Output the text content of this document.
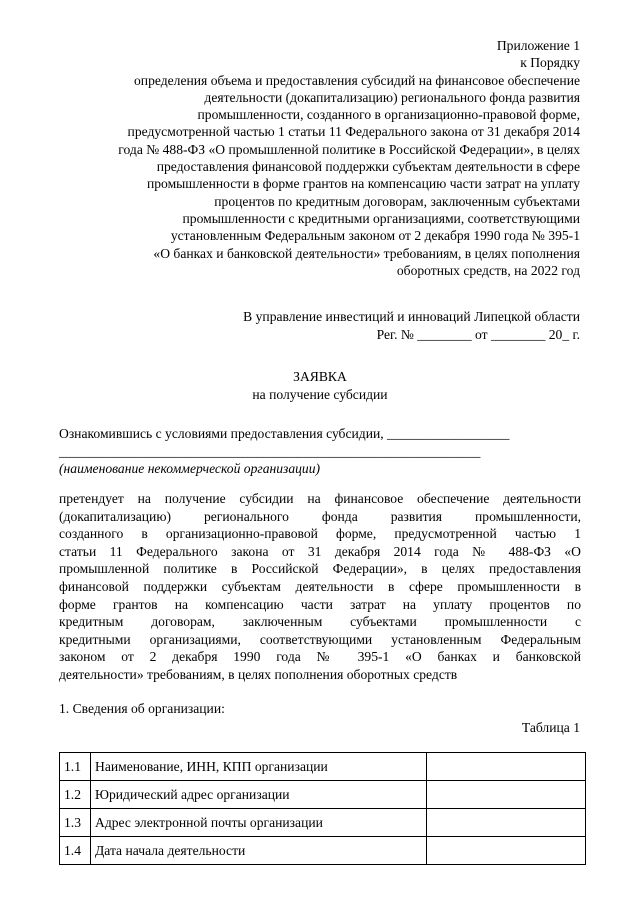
Приложение 1
к Порядку
определения объема и предоставления субсидий на финансовое обеспечение
деятельности (докапитализацию) регионального фонда развития
промышленности, созданного в организационно-правовой форме,
предусмотренной частью 1 статьи 11 Федерального закона от 31 декабря 2014
года № 488-ФЗ «О промышленной политике в Российской Федерации», в целях
предоставления финансовой поддержки субъектам деятельности в сфере
промышленности в форме грантов на компенсацию части затрат на уплату
процентов по кредитным договорам, заключенным субъектами
промышленности с кредитными организациями, соответствующими
установленным Федеральным законом от 2 декабря 1990 года № 395-1
«О банках и банковской деятельности» требованиям, в целях пополнения
оборотных средств, на 2022 год
В управление инвестиций и инноваций Липецкой области
Рег. № ________ от ________ 20_ г.
ЗАЯВКА
на получение субсидии
Ознакомившись с условиями предоставления субсидии, __________________
______________________________________________________________
(наименование некоммерческой организации)
претендует на получение субсидии на финансовое обеспечение деятельности
(докапитализацию) регионального фонда развития промышленности,
созданного в организационно-правовой форме, предусмотренной частью 1
статьи 11 Федерального закона от 31 декабря 2014 года № 488-ФЗ «О
промышленной политике в Российской Федерации», в целях предоставления
финансовой поддержки субъектам деятельности в сфере промышленности в
форме грантов на компенсацию части затрат на уплату процентов по
кредитным договорам, заключенным субъектами промышленности с
кредитными организациями, соответствующими установленным Федеральным
законом от 2 декабря 1990 года № 395-1 «О банках и банковской
деятельности» требованиям, в целях пополнения оборотных средств
1. Сведения об организации:
Таблица 1
1.1	Наименование, ИНН, КПП организации	
1.2	Юридический адрес организации	
1.3	Адрес электронной почты организации	
1.4	Дата начала деятельности	
